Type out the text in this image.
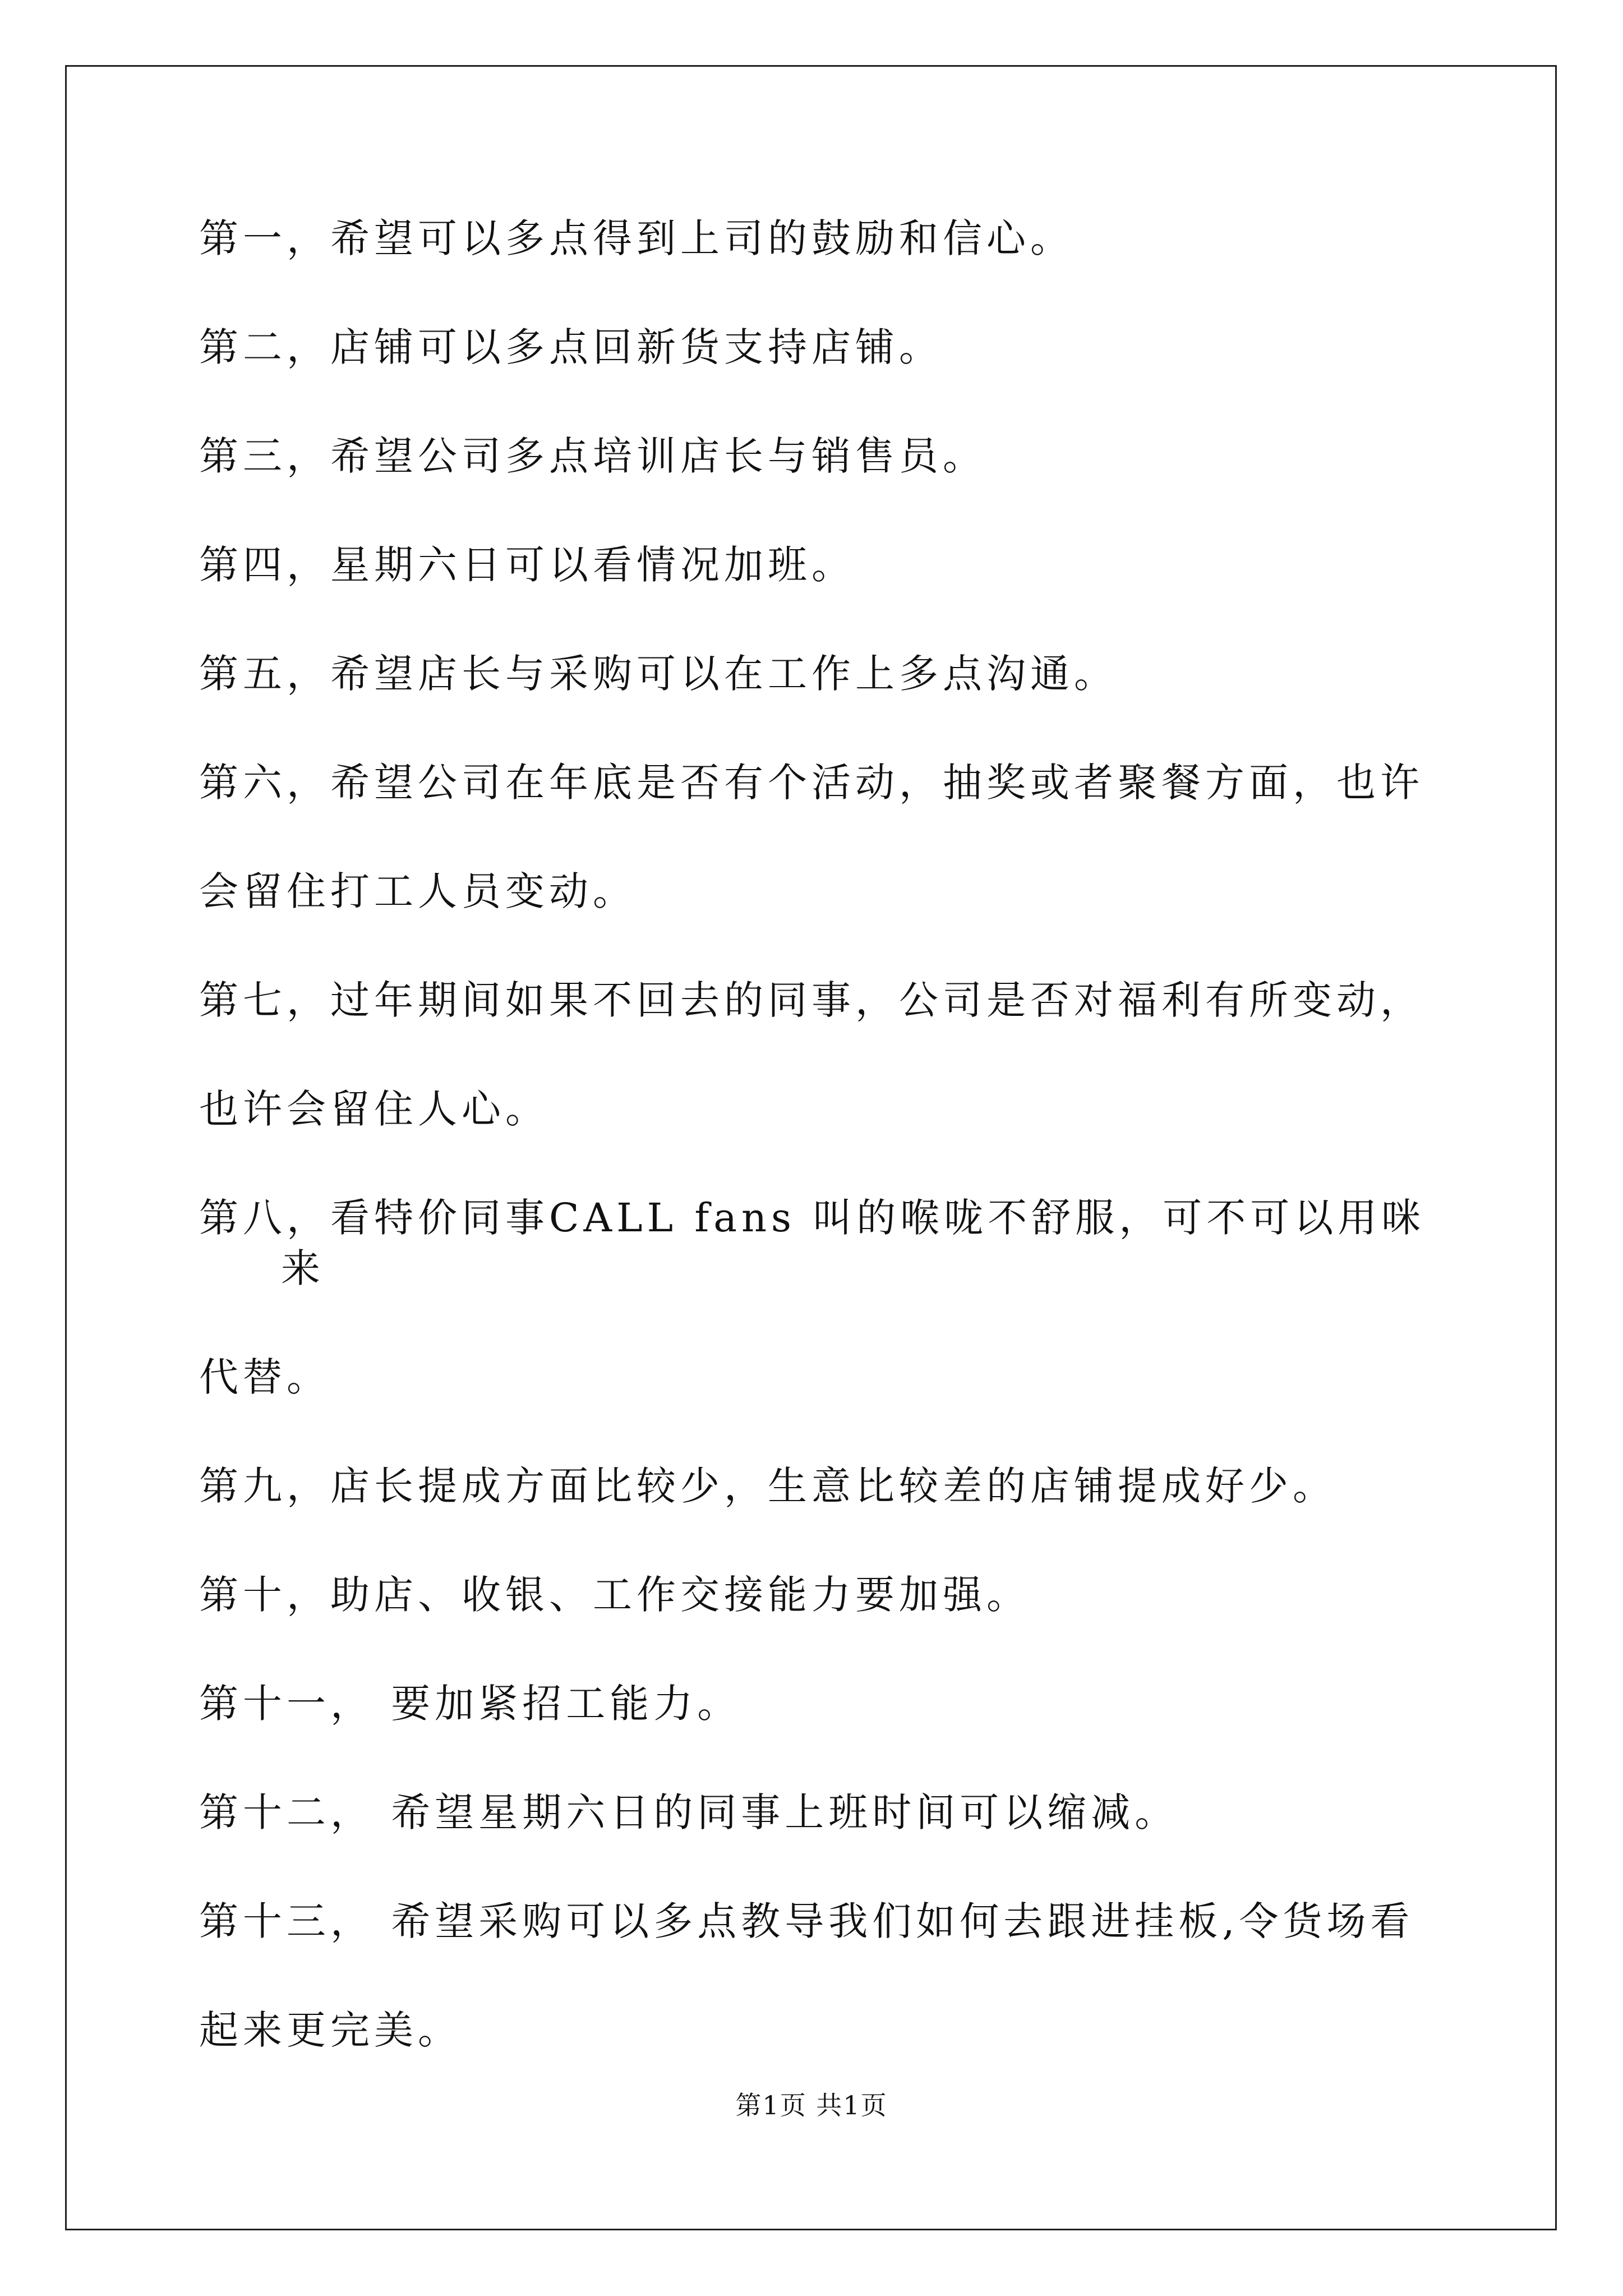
第一，希望可以多点得到上司的鼓励和信心。

第二，店铺可以多点回新货支持店铺。

第三，希望公司多点培训店长与销售员。

第四，星期六日可以看情况加班。

第五，希望店长与采购可以在工作上多点沟通。

第六，希望公司在年底是否有个活动，抽奖或者聚餐方面，也许
会留住打工人员变动。

第七，过年期间如果不回去的同事，公司是否对福利有所变动，
也许会留住人心。

第八，看特价同事CALL fans 叫的喉咙不舒服，可不可以用咪来
代替。

第九，店长提成方面比较少，生意比较差的店铺提成好少。

第十，助店、收银、工作交接能力要加强。

第十一， 要加紧招工能力。

第十二， 希望星期六日的同事上班时间可以缩减。

第十三， 希望采购可以多点教导我们如何去跟进挂板,令货场看
起来更完美。

第1页 共1页
